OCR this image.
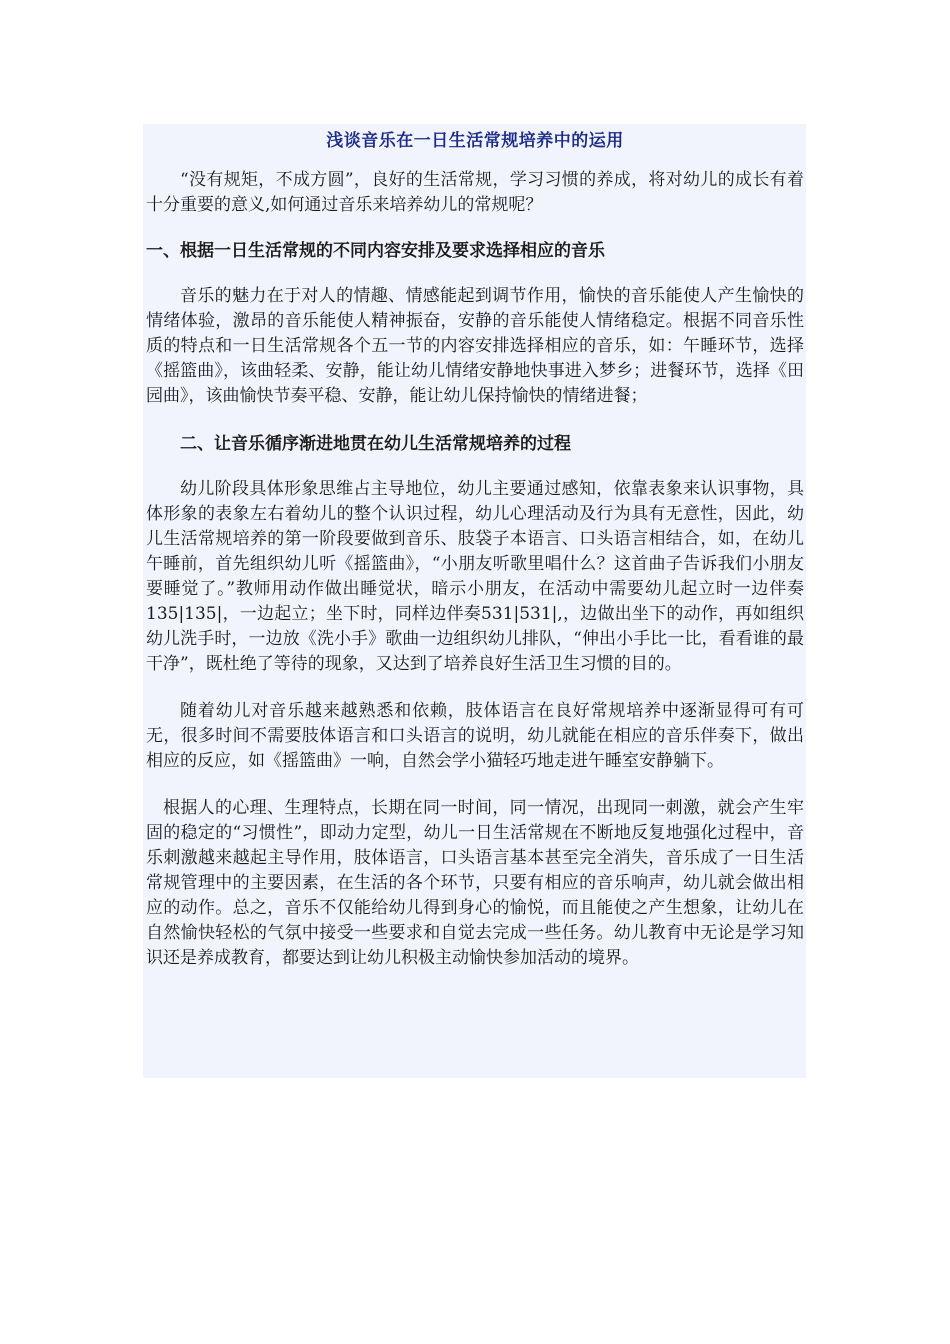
浅谈音乐在一日生活常规培养中的运用

“没有规矩，不成方圆”，良好的生活常规，学习习惯的养成，将对幼儿的成长有着十分重要的意义,如何通过音乐来培养幼儿的常规呢？

一、根据一日生活常规的不同内容安排及要求选择相应的音乐

音乐的魅力在于对人的情趣、情感能起到调节作用，愉快的音乐能使人产生愉快的情绪体验，激昂的音乐能使人精神振奋，安静的音乐能使人情绪稳定。根据不同音乐性质的特点和一日生活常规各个五一节的内容安排选择相应的音乐，如：午睡环节，选择《摇篮曲》，该曲轻柔、安静，能让幼儿情绪安静地快事进入梦乡；进餐环节，选择《田园曲》，该曲愉快节奏平稳、安静，能让幼儿保持愉快的情绪进餐；

二、让音乐循序渐进地贯在幼儿生活常规培养的过程

幼儿阶段具体形象思维占主导地位，幼儿主要通过感知，依靠表象来认识事物，具体形象的表象左右着幼儿的整个认识过程，幼儿心理活动及行为具有无意性，因此，幼儿生活常规培养的第一阶段要做到音乐、肢袋子本语言、口头语言相结合，如，在幼儿午睡前，首先组织幼儿听《摇篮曲》，“小朋友听歌里唱什么？这首曲子告诉我们小朋友要睡觉了。”教师用动作做出睡觉状，暗示小朋友，在活动中需要幼儿起立时一边伴奏135|135|，一边起立；坐下时，同样边伴奏531|531|,，边做出坐下的动作，再如组织幼儿洗手时，一边放《洗小手》歌曲一边组织幼儿排队，“伸出小手比一比，看看谁的最干净”，既杜绝了等待的现象，又达到了培养良好生活卫生习惯的目的。

随着幼儿对音乐越来越熟悉和依赖，肢体语言在良好常规培养中逐渐显得可有可无，很多时间不需要肢体语言和口头语言的说明，幼儿就能在相应的音乐伴奏下，做出相应的反应，如《摇篮曲》一响，自然会学小猫轻巧地走进午睡室安静躺下。

根据人的心理、生理特点，长期在同一时间，同一情况，出现同一刺激，就会产生牢固的稳定的“习惯性”，即动力定型，幼儿一日生活常规在不断地反复地强化过程中，音乐刺激越来越起主导作用，肢体语言，口头语言基本甚至完全消失，音乐成了一日生活常规管理中的主要因素，在生活的各个环节，只要有相应的音乐响声，幼儿就会做出相应的动作。总之，音乐不仅能给幼儿得到身心的愉悦，而且能使之产生想象，让幼儿在自然愉快轻松的气氛中接受一些要求和自觉去完成一些任务。幼儿教育中无论是学习知识还是养成教育，都要达到让幼儿积极主动愉快参加活动的境界。
